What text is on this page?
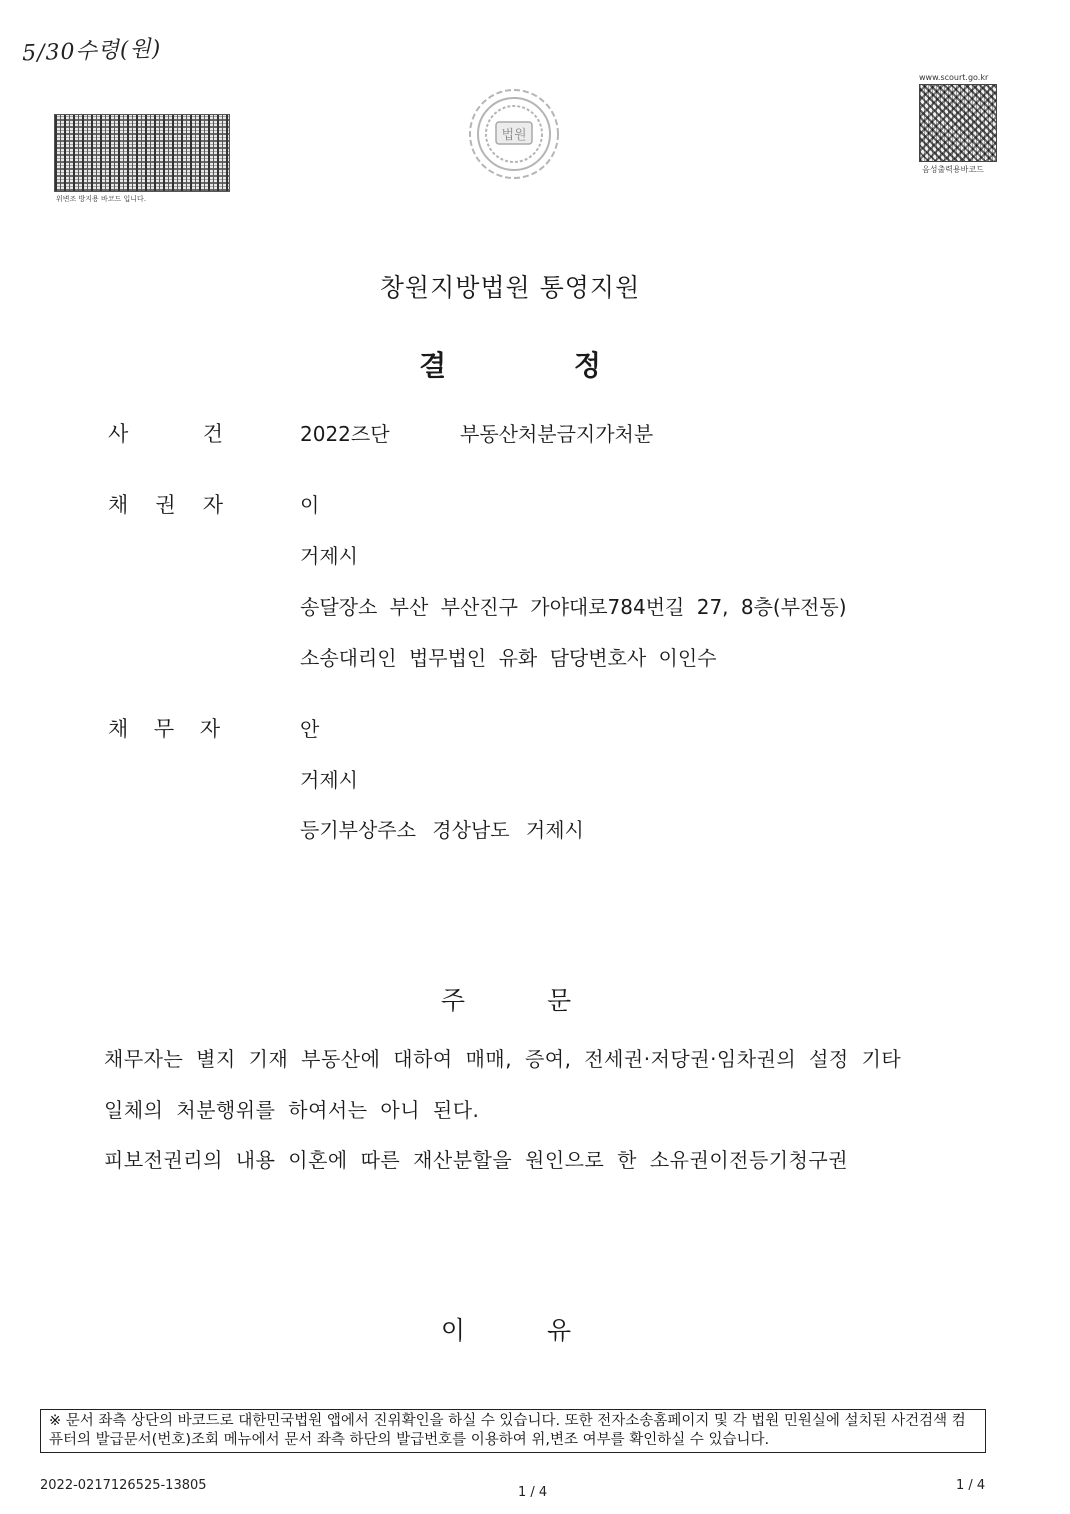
5/30수령(원)
위변조 방지용 바코드 입니다.
법원
www.scourt.go.kr
음성출력용바코드
창원지방법원 통영지원
결 정
사 건	2022즈단	부동산처분금지가처분
채 권 자	이
거제시
송달장소 부산 부산진구 가야대로784번길 27, 8층(부전동)
소송대리인 법무법인 유화 담당변호사 이인수
채 무 자	안
거제시
등기부상주소 경상남도 거제시
주 문
채무자는 별지 기재 부동산에 대하여 매매, 증여, 전세권·저당권·임차권의 설정 기타
일체의 처분행위를 하여서는 아니 된다.
피보전권리의 내용 이혼에 따른 재산분할을 원인으로 한 소유권이전등기청구권
이 유
※ 문서 좌측 상단의 바코드로 대한민국법원 앱에서 진위확인을 하실 수 있습니다. 또한 전자소송홈페이지 및 각 법원 민원실에 설치된 사건검색 컴퓨터의 발급문서(번호)조회 메뉴에서 문서 좌측 하단의 발급번호를 이용하여 위,변조 여부를 확인하실 수 있습니다.
2022-0217126525-13805	1 / 4	1 / 4
